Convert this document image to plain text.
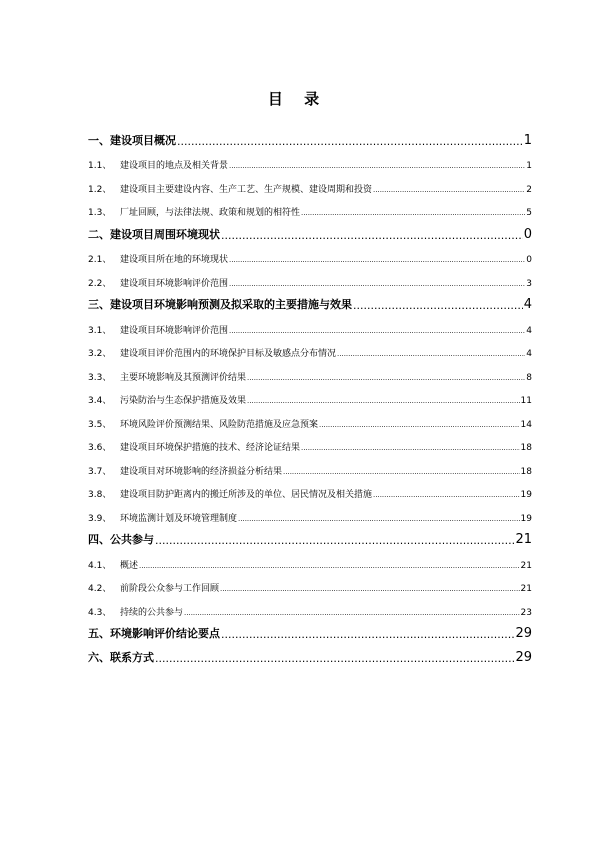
目 录
一、 建设项目概况 .....	1
1.1、 建设项目的地点及相关背景 .....	1
1.2、 建设项目主要建设内容、生产工艺、生产规模、建设周期和投资 .....	2
1.3、 厂址回顾，与法律法规、政策和规划的相符性 .....	5
二、 建设项目周围环境现状 .....	0
2.1、 建设项目所在地的环境现状 .....	0
2.2、 建设项目环境影响评价范围 .....	3
三、 建设项目环境影响预测及拟采取的主要措施与效果 .....	4
3.1、 建设项目环境影响评价范围 .....	4
3.2、 建设项目评价范围内的环境保护目标及敏感点分布情况 .....	4
3.3、 主要环境影响及其预测评价结果 .....	8
3.4、 污染防治与生态保护措施及效果 .....	11
3.5、 环境风险评价预测结果、风险防范措施及应急预案 .....	14
3.6、 建设项目环境保护措施的技术、经济论证结果 .....	18
3.7、 建设项目对环境影响的经济损益分析结果 .....	18
3.8、 建设项目防护距离内的搬迁所涉及的单位、居民情况及相关措施 .....	19
3.9、 环境监测计划及环境管理制度 .....	19
四、 公共参与 .....	21
4.1、 概述 .....	21
4.2、 前阶段公众参与工作回顾 .....	21
4.3、 持续的公共参与 .....	23
五、 环境影响评价结论要点 .....	29
六、 联系方式 .....	29
